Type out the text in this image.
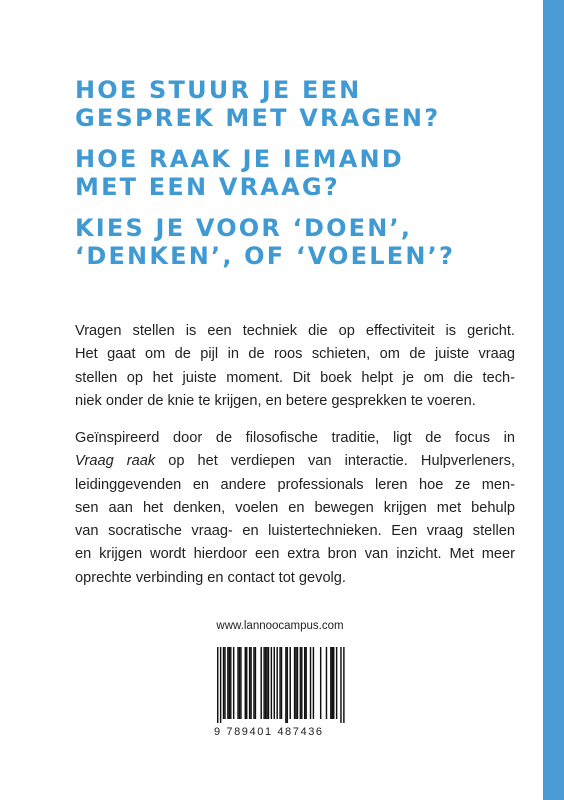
HOE STUUR JE EEN
GESPREK MET VRAGEN?

HOE RAAK JE IEMAND
MET EEN VRAAG?

KIES JE VOOR ‘DOEN’,
‘DENKEN’, OF ‘VOELEN’?

Vragen stellen is een techniek die op effectiviteit is gericht.
Het gaat om de pijl in de roos schieten, om de juiste vraag
stellen op het juiste moment. Dit boek helpt je om die tech-
niek onder de knie te krijgen, en betere gesprekken te voeren.
Geïnspireerd door de filosofische traditie, ligt de focus in
Vraag raak op het verdiepen van interactie. Hulpverleners,
leidinggevenden en andere professionals leren hoe ze men-
sen aan het denken, voelen en bewegen krijgen met behulp
van socratische vraag- en luistertechnieken. Een vraag stellen
en krijgen wordt hierdoor een extra bron van inzicht. Met meer
oprechte verbinding en contact tot gevolg.
www.lannoocampus.com
9 789401 487436
